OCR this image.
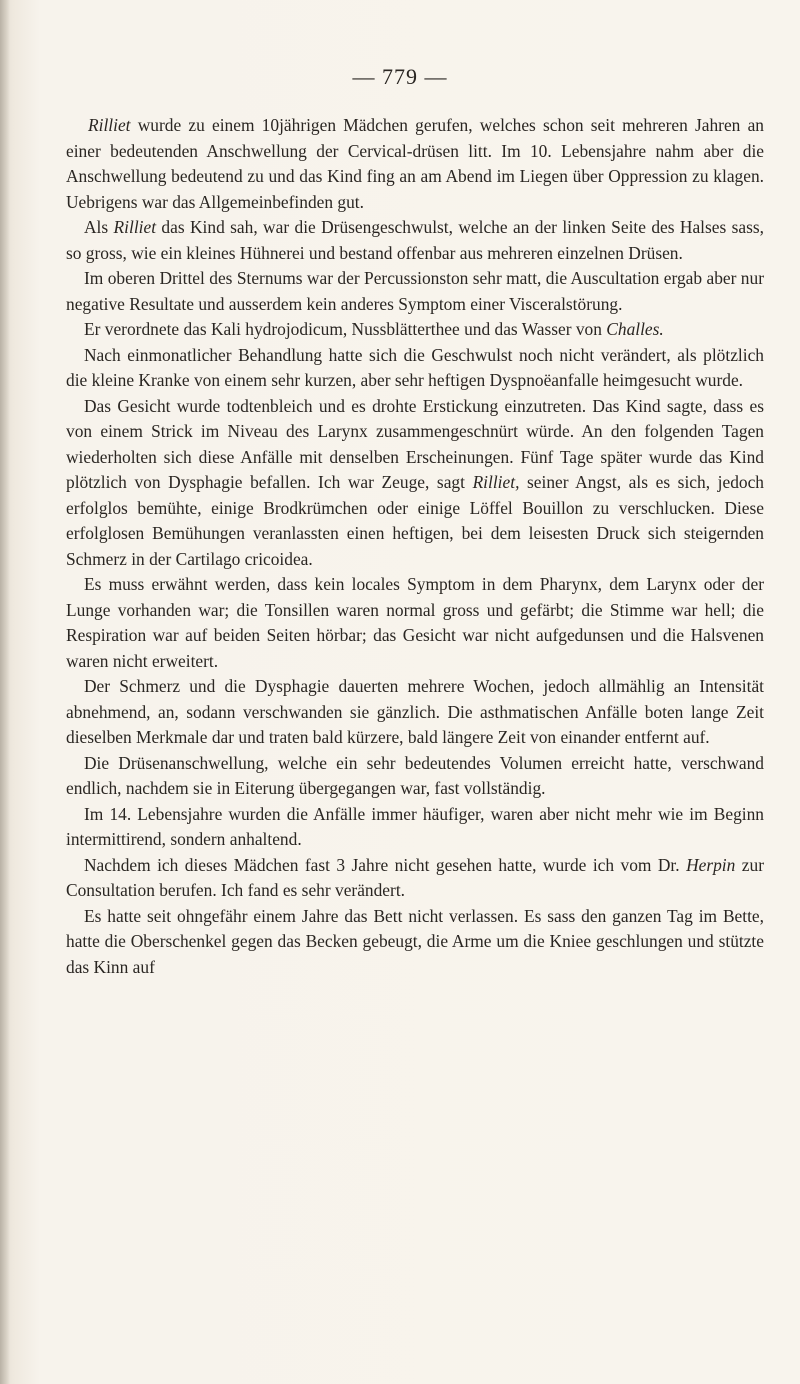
— 779 —

Rilliet wurde zu einem 10jährigen Mädchen gerufen, welches schon seit mehreren Jahren an einer bedeutenden Anschwellung der Cervical-drüsen litt. Im 10. Lebensjahre nahm aber die Anschwellung bedeutend zu und das Kind fing an am Abend im Liegen über Oppression zu klagen. Uebrigens war das Allgemeinbefinden gut.

Als Rilliet das Kind sah, war die Drüsengeschwulst, welche an der linken Seite des Halses sass, so gross, wie ein kleines Hühnerei und bestand offenbar aus mehreren einzelnen Drüsen.

Im oberen Drittel des Sternums war der Percussionston sehr matt, die Auscultation ergab aber nur negative Resultate und ausserdem kein anderes Symptom einer Visceralstörung.

Er verordnete das Kali hydrojodicum, Nussblätterthee und das Wasser von Challes.

Nach einmonatlicher Behandlung hatte sich die Geschwulst noch nicht verändert, als plötzlich die kleine Kranke von einem sehr kurzen, aber sehr heftigen Dyspnoëanfalle heimgesucht wurde.

Das Gesicht wurde todtenbleich und es drohte Erstickung einzutreten. Das Kind sagte, dass es von einem Strick im Niveau des Larynx zusammengeschnürt würde. An den folgenden Tagen wiederholten sich diese Anfälle mit denselben Erscheinungen. Fünf Tage später wurde das Kind plötzlich von Dysphagie befallen. Ich war Zeuge, sagt Rilliet, seiner Angst, als es sich, jedoch erfolglos bemühte, einige Brodkrümchen oder einige Löffel Bouillon zu verschlucken. Diese erfolglosen Bemühungen veranlassten einen heftigen, bei dem leisesten Druck sich steigernden Schmerz in der Cartilago cricoidea.

Es muss erwähnt werden, dass kein locales Symptom in dem Pharynx, dem Larynx oder der Lunge vorhanden war; die Tonsillen waren normal gross und gefärbt; die Stimme war hell; die Respiration war auf beiden Seiten hörbar; das Gesicht war nicht aufgedunsen und die Halsvenen waren nicht erweitert.

Der Schmerz und die Dysphagie dauerten mehrere Wochen, jedoch allmählig an Intensität abnehmend, an, sodann verschwanden sie gänzlich. Die asthmatischen Anfälle boten lange Zeit dieselben Merkmale dar und traten bald kürzere, bald längere Zeit von einander entfernt auf.

Die Drüsenanschwellung, welche ein sehr bedeutendes Volumen erreicht hatte, verschwand endlich, nachdem sie in Eiterung übergegangen war, fast vollständig.

Im 14. Lebensjahre wurden die Anfälle immer häufiger, waren aber nicht mehr wie im Beginn intermittirend, sondern anhaltend.

Nachdem ich dieses Mädchen fast 3 Jahre nicht gesehen hatte, wurde ich vom Dr. Herpin zur Consultation berufen. Ich fand es sehr verändert.

Es hatte seit ohngefähr einem Jahre das Bett nicht verlassen. Es sass den ganzen Tag im Bette, hatte die Oberschenkel gegen das Becken gebeugt, die Arme um die Kniee geschlungen und stützte das Kinn auf
